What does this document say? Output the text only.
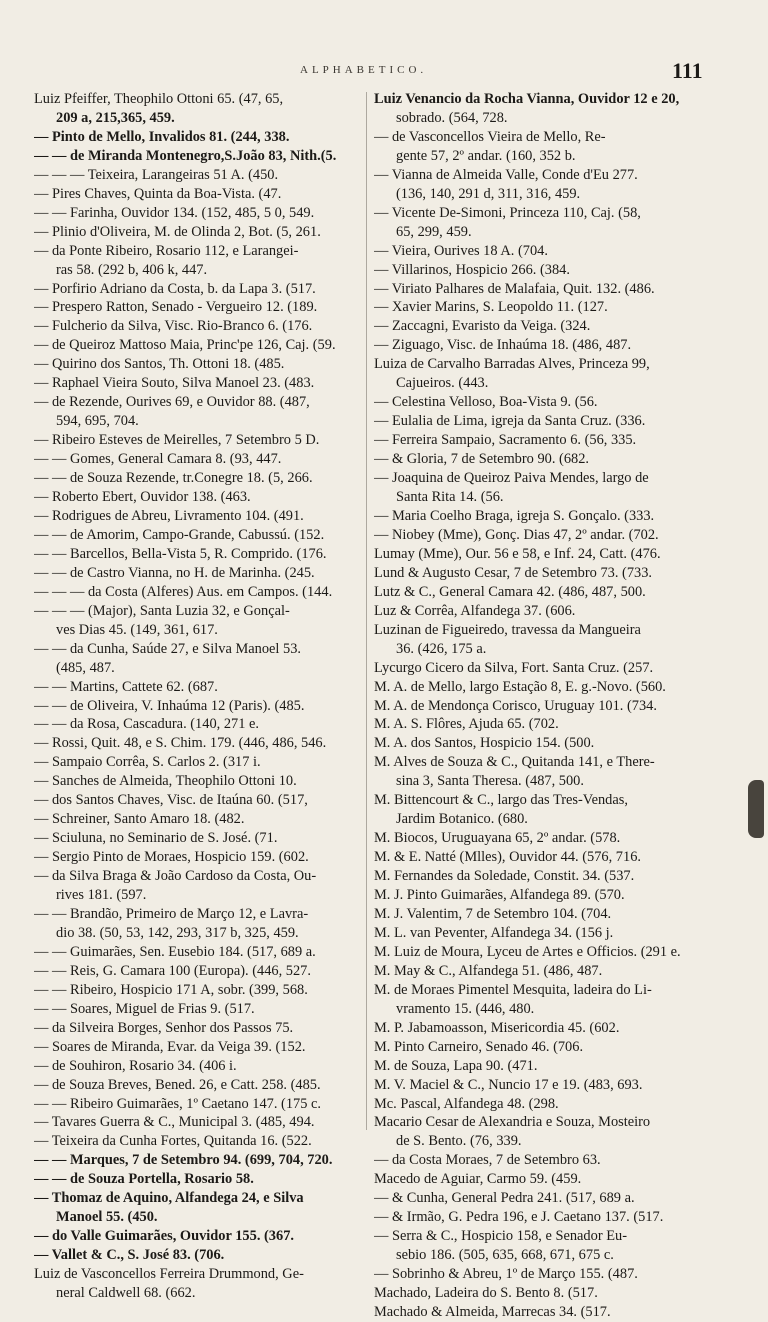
ALPHABETICO.	111
Luiz Pfeiffer, Theophilo Ottoni 65. (47, 65,
209 a, 215,365, 459.
— Pinto de Mello, Invalidos 81. (244, 338.
— — de Miranda Montenegro,S.João 83, Nith.(5.
— — — Teixeira, Larangeiras 51 A. (450.
— Pires Chaves, Quinta da Boa-Vista. (47.
— — Farinha, Ouvidor 134. (152, 485, 5 0, 549.
— Plinio d'Oliveira, M. de Olinda 2, Bot. (5, 261.
— da Ponte Ribeiro, Rosario 112, e Larangei-
ras 58. (292 b, 406 k, 447.
— Porfirio Adriano da Costa, b. da Lapa 3. (517.
— Prespero Ratton, Senado - Vergueiro 12. (189.
— Fulcherio da Silva, Visc. Rio-Branco 6. (176.
— de Queiroz Mattoso Maia, Princ'pe 126, Caj. (59.
— Quirino dos Santos, Th. Ottoni 18. (485.
— Raphael Vieira Souto, Silva Manoel 23. (483.
— de Rezende, Ourives 69, e Ouvidor 88. (487,
594, 695, 704.
— Ribeiro Esteves de Meirelles, 7 Setembro 5 D.
— — Gomes, General Camara 8. (93, 447.
— — de Souza Rezende, tr.Conegre 18. (5, 266.
— Roberto Ebert, Ouvidor 138. (463.
— Rodrigues de Abreu, Livramento 104. (491.
— — de Amorim, Campo-Grande, Cabussú. (152.
— — Barcellos, Bella-Vista 5, R. Comprido. (176.
— — de Castro Vianna, no H. de Marinha. (245.
— — — da Costa (Alferes) Aus. em Campos. (144.
— — — (Major), Santa Luzia 32, e Gonçal-
ves Dias 45. (149, 361, 617.
— — da Cunha, Saúde 27, e Silva Manoel 53.
(485, 487.
— — Martins, Cattete 62. (687.
— — de Oliveira, V. Inhaúma 12 (Paris). (485.
— — da Rosa, Cascadura. (140, 271 e.
— Rossi, Quit. 48, e S. Chim. 179. (446, 486, 546.
— Sampaio Corrêa, S. Carlos 2. (317 i.
— Sanches de Almeida, Theophilo Ottoni 10.
— dos Santos Chaves, Visc. de Itaúna 60. (517,
— Schreiner, Santo Amaro 18. (482.
— Sciuluna, no Seminario de S. José. (71.
— Sergio Pinto de Moraes, Hospicio 159. (602.
— da Silva Braga & João Cardoso da Costa, Ou-
rives 181. (597.
— — Brandão, Primeiro de Março 12, e Lavra-
dio 38. (50, 53, 142, 293, 317 b, 325, 459.
— — Guimarães, Sen. Eusebio 184. (517, 689 a.
— — Reis, G. Camara 100 (Europa). (446, 527.
— — Ribeiro, Hospicio 171 A, sobr. (399, 568.
— — Soares, Miguel de Frias 9. (517.
— da Silveira Borges, Senhor dos Passos 75.
— Soares de Miranda, Evar. da Veiga 39. (152.
— de Souhiron, Rosario 34. (406 i.
— de Souza Breves, Bened. 26, e Catt. 258. (485.
— — Ribeiro Guimarães, 1º Caetano 147. (175 c.
— Tavares Guerra & C., Municipal 3. (485, 494.
— Teixeira da Cunha Fortes, Quitanda 16. (522.
— — Marques, 7 de Setembro 94. (699, 704, 720.
— — de Souza Portella, Rosario 58.
— Thomaz de Aquino, Alfandega 24, e Silva
Manoel 55. (450.
— do Valle Guimarães, Ouvidor 155. (367.
— Vallet & C., S. José 83. (706.
Luiz de Vasconcellos Ferreira Drummond, Ge-
neral Caldwell 68. (662.
Luiz Venancio da Rocha Vianna, Ouvidor 12 e 20,
sobrado. (564, 728.
— de Vasconcellos Vieira de Mello, Re-
gente 57, 2º andar. (160, 352 b.
— Vianna de Almeida Valle, Conde d'Eu 277.
(136, 140, 291 d, 311, 316, 459.
— Vicente De-Simoni, Princeza 110, Caj. (58,
65, 299, 459.
— Vieira, Ourives 18 A. (704.
— Villarinos, Hospicio 266. (384.
— Viriato Palhares de Malafaia, Quit. 132. (486.
— Xavier Marins, S. Leopoldo 11. (127.
— Zaccagni, Evaristo da Veiga. (324.
— Ziguago, Visc. de Inhaúma 18. (486, 487.
Luiza de Carvalho Barradas Alves, Princeza 99,
Cajueiros. (443.
— Celestina Velloso, Boa-Vista 9. (56.
— Eulalia de Lima, igreja da Santa Cruz. (336.
— Ferreira Sampaio, Sacramento 6. (56, 335.
— & Gloria, 7 de Setembro 90. (682.
— Joaquina de Queiroz Paiva Mendes, largo de
Santa Rita 14. (56.
— Maria Coelho Braga, igreja S. Gonçalo. (333.
— Niobey (Mme), Gonç. Dias 47, 2º andar. (702.
Lumay (Mme), Our. 56 e 58, e Inf. 24, Catt. (476.
Lund & Augusto Cesar, 7 de Setembro 73. (733.
Lutz & C., General Camara 42. (486, 487, 500.
Luz & Corrêa, Alfandega 37. (606.
Luzinan de Figueiredo, travessa da Mangueira
36. (426, 175 a.
Lycurgo Cicero da Silva, Fort. Santa Cruz. (257.
M. A. de Mello, largo Estação 8, E. g.-Novo. (560.
M. A. de Mendonça Corisco, Uruguay 101. (734.
M. A. S. Flôres, Ajuda 65. (702.
M. A. dos Santos, Hospicio 154. (500.
M. Alves de Souza & C., Quitanda 141, e There-
sina 3, Santa Theresa. (487, 500.
M. Bittencourt & C., largo das Tres-Vendas,
Jardim Botanico. (680.
M. Biocos, Uruguayana 65, 2º andar. (578.
M. & E. Natté (Mlles), Ouvidor 44. (576, 716.
M. Fernandes da Soledade, Constit. 34. (537.
M. J. Pinto Guimarães, Alfandega 89. (570.
M. J. Valentim, 7 de Setembro 104. (704.
M. L. van Peventer, Alfandega 34. (156 j.
M. Luiz de Moura, Lyceu de Artes e Officios. (291 e.
M. May & C., Alfandega 51. (486, 487.
M. de Moraes Pimentel Mesquita, ladeira do Li-
vramento 15. (446, 480.
M. P. Jabamoasson, Misericordia 45. (602.
M. Pinto Carneiro, Senado 46. (706.
M. de Souza, Lapa 90. (471.
M. V. Maciel & C., Nuncio 17 e 19. (483, 693.
Mc. Pascal, Alfandega 48. (298.
Macario Cesar de Alexandria e Souza, Mosteiro
de S. Bento. (76, 339.
— da Costa Moraes, 7 de Setembro 63.
Macedo de Aguiar, Carmo 59. (459.
— & Cunha, General Pedra 241. (517, 689 a.
— & Irmão, G. Pedra 196, e J. Caetano 137. (517.
— Serra & C., Hospicio 158, e Senador Eu-
sebio 186. (505, 635, 668, 671, 675 c.
— Sobrinho & Abreu, 1º de Março 155. (487.
Machado, Ladeira do S. Bento 8. (517.
Machado & Almeida, Marrecas 34. (517.
